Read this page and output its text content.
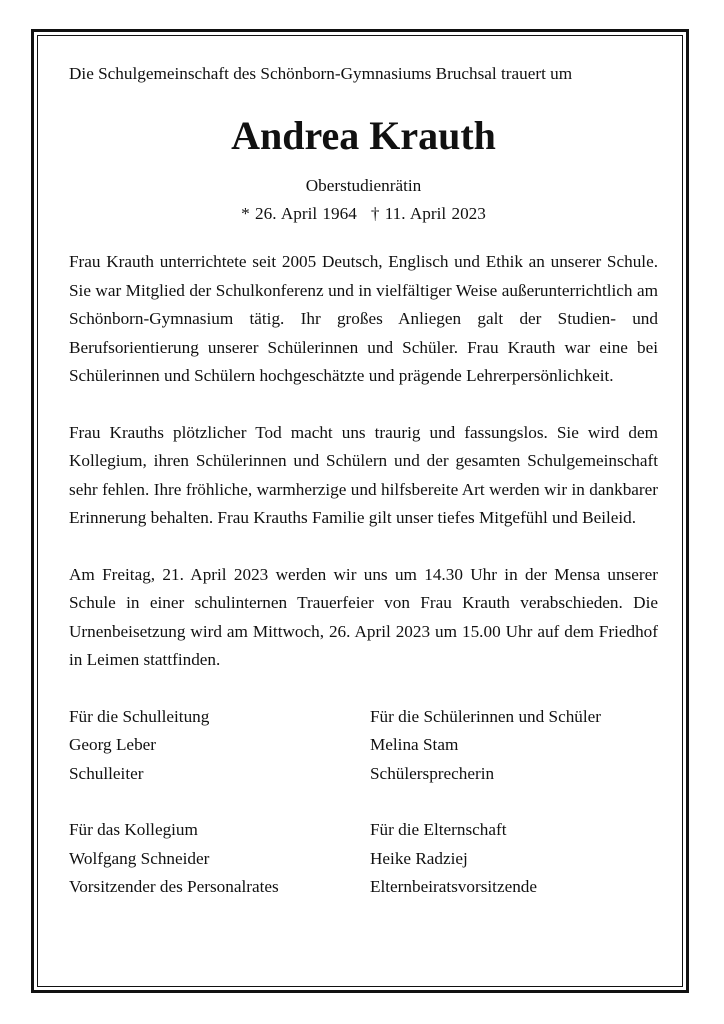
Die Schulgemeinschaft des Schönborn-Gymnasiums Bruchsal trauert um

Andrea Krauth

Oberstudienrätin

* 26. April 1964 † 11. April 2023

Frau Krauth unterrichtete seit 2005 Deutsch, Englisch und Ethik an unserer Schule. Sie war Mitglied der Schulkonferenz und in vielfältiger Weise außerunterrichtlich am Schönborn-Gymnasium tätig. Ihr großes Anliegen galt der Studien- und Berufsorientierung unserer Schülerinnen und Schüler. Frau Krauth war eine bei Schülerinnen und Schülern hochgeschätzte und prägende Lehrerpersönlichkeit.

Frau Krauths plötzlicher Tod macht uns traurig und fassungslos. Sie wird dem Kollegium, ihren Schülerinnen und Schülern und der gesamten Schulgemeinschaft sehr fehlen. Ihre fröhliche, warmherzige und hilfsbereite Art werden wir in dankbarer Erinnerung behalten. Frau Krauths Familie gilt unser tiefes Mitgefühl und Beileid.

Am Freitag, 21. April 2023 werden wir uns um 14.30 Uhr in der Mensa unserer Schule in einer schulinternen Trauerfeier von Frau Krauth verabschieden. Die Urnenbeisetzung wird am Mittwoch, 26. April 2023 um 15.00 Uhr auf dem Friedhof in Leimen stattfinden.

Für die Schulleitung
Georg Leber
Schulleiter
Für die Schülerinnen und Schüler
Melina Stam
Schülersprecherin
Für das Kollegium
Wolfgang Schneider
Vorsitzender des Personalrates
Für die Elternschaft
Heike Radziej
Elternbeiratsvorsitzende
